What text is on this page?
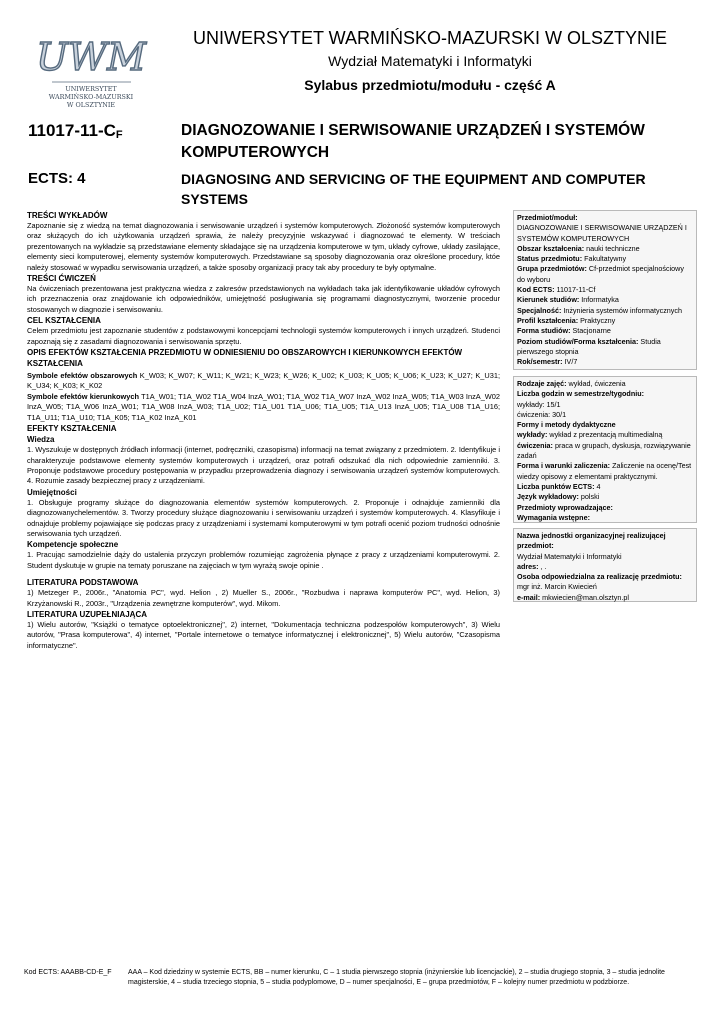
UWM
UNIWERSYTET
WARMIŃSKO-MAZURSKI
W OLSZTYNIE
UNIWERSYTET WARMIŃSKO-MAZURSKI W OLSZTYNIE
Wydział Matematyki i Informatyki
Sylabus przedmiotu/modułu - część A
$11017-11-C_F$
ECTS: 4
DIAGNOZOWANIE I SERWISOWANIE URZĄDZEŃ I SYSTEMÓW KOMPUTEROWYCH
DIAGNOSING AND SERVICING OF THE EQUIPMENT AND COMPUTER SYSTEMS
TREŚCI WYKŁADÓW

Zapoznanie się z wiedzą na temat diagnozowania i serwisowanie urządzeń i systemów komputerowych. Złożoność systemów komputerowych oraz służących do ich użytkowania urządzeń sprawia, że należy precyzyjnie wskazywać i diagnozować te elementy. W treściach prezentowanych na wykładzie są przedstawiane elementy składające się na urządzenia komputerowe w tym, układy cyfrowe, układy zasilające, elementy sieci komputerowej, elementy systemów komputerowych. Przedstawiane są sposoby diagnozowania oraz określone procedury, któe należy stosować w wypadku serwisowania urządzeń, a także sposoby organizacji pracy tak aby procedury te były optymalne.

TREŚCI ĆWICZEŃ

Na ćwiczeniach prezentowana jest praktyczna wiedza z zakresów przedstawionych na wykładach taka jak identyfikowanie układów cyfrowych ich przeznaczenia oraz znajdowanie ich odpowiedników, umiejętność posługiwania się programami diagnostycznymi, tworzenie procedur stosowanych w diagnozie i serwisowaniu.

CEL KSZTAŁCENIA

Celem przedmiotu jest zapoznanie studentów z podstawowymi koncepcjami technologii systemów komputerowych i innych urządzeń. Studenci zapoznają się z zasadami diagnozowania i serwisowania sprzętu.

OPIS EFEKTÓW KSZTAŁCENIA PRZEDMIOTU W ODNIESIENIU DO OBSZAROWYCH I KIERUNKOWYCH EFEKTÓW KSZTAŁCENIA

Symbole efektów obszarowych K_W03; K_W07; K_W11; K_W21; K_W23; K_W26; K_U02; K_U03; K_U05; K_U06; K_U23; K_U27; K_U31; K_U34; K_K03; K_K02

Symbole efektów kierunkowych T1A_W01; T1A_W02 T1A_W04 InzA_W01; T1A_W02 T1A_W07 InzA_W02 InzA_W05; T1A_W03 InzA_W02 InzA_W05; T1A_W06 InzA_W01; T1A_W08 InzA_W03; T1A_U02; T1A_U01 T1A_U06; T1A_U05; T1A_U13 InzA_U05; T1A_U08 T1A_U16; T1A_U11; T1A_U10; T1A_K05; T1A_K02 InzA_K01

EFEKTY KSZTAŁCENIA
Wiedza

1. Wyszukuje w dostępnych źródłach informacji (internet, podręczniki, czasopisma) informacji na temat związany z przedmiotem. 2. Identyfikuje i charakteryzuje podstawowe elementy systemów komputerowych i urządzeń, oraz potrafi odszukać dla nich odpowiednie zamienniki. 3. Proponuje podstawowe procedury postępowania w przypadku przeprowadzenia diagnozy i serwisowania urządzeń systemów komputerowych. 4. Rozumie zasady bezpiecznej pracy z urządzeniami.

Umiejętności

1. Obsługuje programy służące do diagnozowania elementów systemów komputerowych. 2. Proponuje i odnajduje zamienniki dla diagnozowanychelementów. 3. Tworzy procedury służące diagnozowaniu i serwisowaniu urządzeń i systemów komputerowych. 4. Klasyfikuje i odnajduje problemy pojawiające się podczas pracy z urządzeniami i systemami komputerowymi w tym potrafi ocenić poziom trudności odnośnie serwisowania tych urządzeń.

Kompetencje społeczne

1. Pracując samodzielnie dąży do ustalenia przyczyn problemów rozumiejąc zagrożenia płynące z pracy z urządzeniami komputerowymi. 2. Student dyskutuje w grupie na tematy poruszane na zajęciach w tym wyrażą swoje opinie .

LITERATURA PODSTAWOWA

1) Metzeger P., 2006r., "Anatomia PC", wyd. Helion , 2) Mueller S., 2006r., "Rozbudwa i naprawa komputerów PC", wyd. Helion, 3) Krzyżanowski R., 2003r., "Urządzenia zewnętrzne komputerów", wyd. Mikom.

LITERATURA UZUPEŁNIAJĄCA

1) Wielu autorów, "Książki o tematyce optoelektronicznej", 2) internet, "Dokumentacja techniczna podzespołów komputerowych", 3) Wielu autorów, "Prasa komputerowa", 4) internet, "Portale internetowe o tematyce informatycznej i elektronicznej", 5) Wielu autorów, "Czasopisma informatyczne".

Przedmiot/moduł:
DIAGNOZOWANIE I SERWISOWANIE URZĄDZEŃ I SYSTEMÓW KOMPUTEROWYCH
Obszar kształcenia: nauki techniczne
Status przedmiotu: Fakultatywny
Grupa przedmiotów: Cf-przedmiot specjalnościowy do wyboru
Kod ECTS: 11017-11-Cf
Kierunek studiów: Informatyka
Specjalność: Inżynieria systemów informatycznych
Profil kształcenia: Praktyczny
Forma studiów: Stacjonarne
Poziom studiów/Forma kształcenia: Studia pierwszego stopnia
Rok/semestr: IV/7
Rodzaje zajęć: wykład, ćwiczenia
Liczba godzin w semestrze/tygodniu:
wykłady: 15/1
ćwiczenia: 30/1
Formy i metody dydaktyczne
wykłady: wykład z prezentacją multimedialną
ćwiczenia: praca w grupach, dyskusja, rozwiązywanie zadań
Forma i warunki zaliczenia: Zaliczenie na ocenę/Test wiedzy opisowy z elementami praktycznymi.
Liczba punktów ECTS: 4
Język wykładowy: polski
Przedmioty wprowadzające:
Wymagania wstępne:
Nazwa jednostki organizacyjnej realizującej przedmiot:
Wydział Matematyki i Informatyki
adres: , .
Osoba odpowiedzialna za realizację przedmiotu:
mgr inż. Marcin Kwiecień
e-mail: mkwiecien@man.olsztyn.pl
Kod ECTS: AAABB-CD-E_F	AAA – Kod dziedziny w systemie ECTS, BB – numer kierunku, C – 1 studia pierwszego stopnia (inżynierskie lub licencjackie), 2 – studia drugiego stopnia, 3 – studia jednolite magisterskie, 4 – studia trzeciego stopnia, 5 – studia podyplomowe, D – numer specjalności, E – grupa przedmiotów, F – kolejny numer przedmiotu w podzbiorze.
